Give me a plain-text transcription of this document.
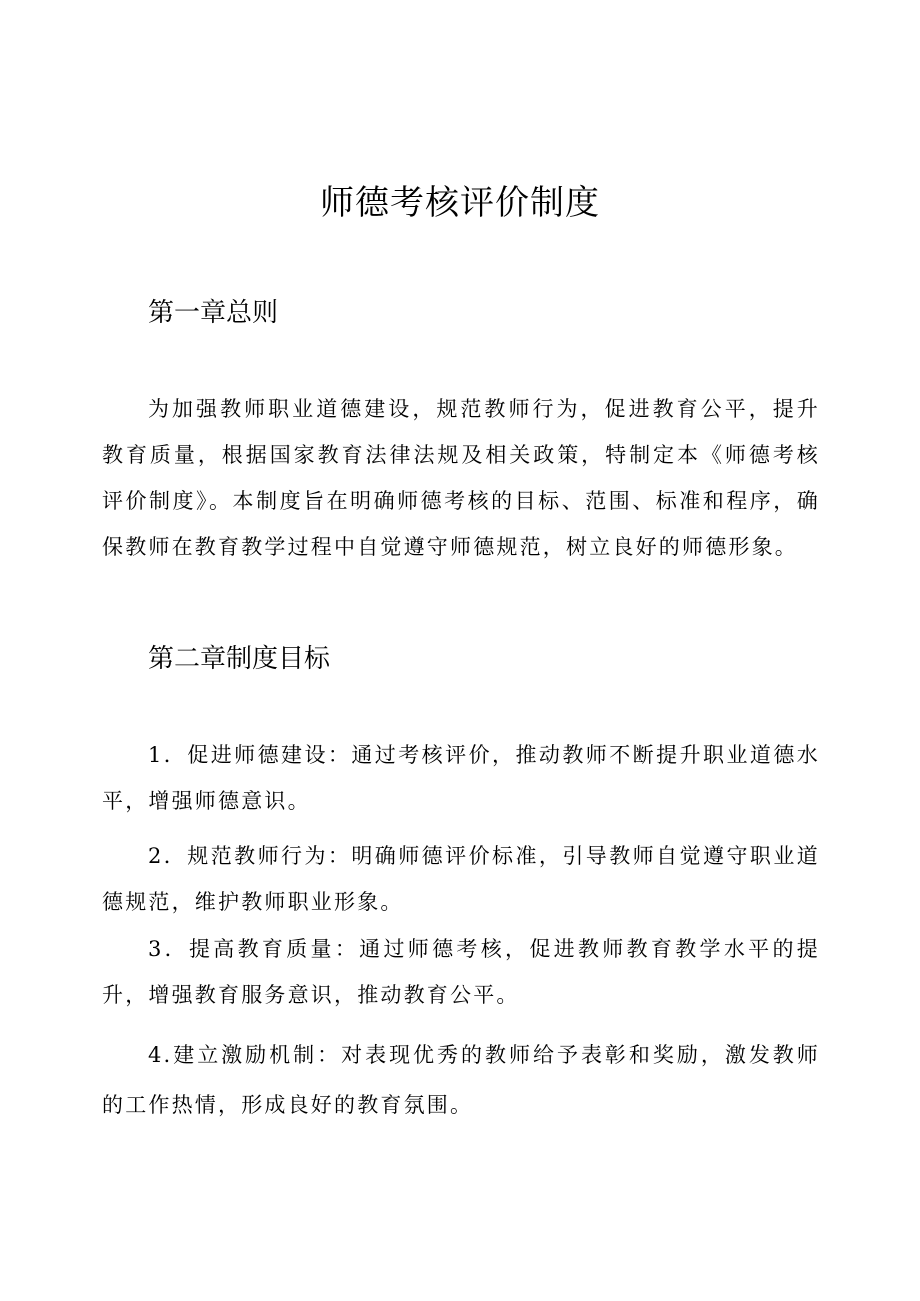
师德考核评价制度
第一章总则

为加强教师职业道德建设，规范教师行为，促进教育公平，提升教育质量，根据国家教育法律法规及相关政策，特制定本《师德考核评价制度》。本制度旨在明确师德考核的目标、范围、标准和程序，确保教师在教育教学过程中自觉遵守师德规范，树立良好的师德形象。

第二章制度目标

1．促进师德建设：通过考核评价，推动教师不断提升职业道德水平，增强师德意识。

2．规范教师行为：明确师德评价标准，引导教师自觉遵守职业道德规范，维护教师职业形象。

3．提高教育质量：通过师德考核，促进教师教育教学水平的提升，增强教育服务意识，推动教育公平。

4.建立激励机制：对表现优秀的教师给予表彰和奖励，激发教师的工作热情，形成良好的教育氛围。
